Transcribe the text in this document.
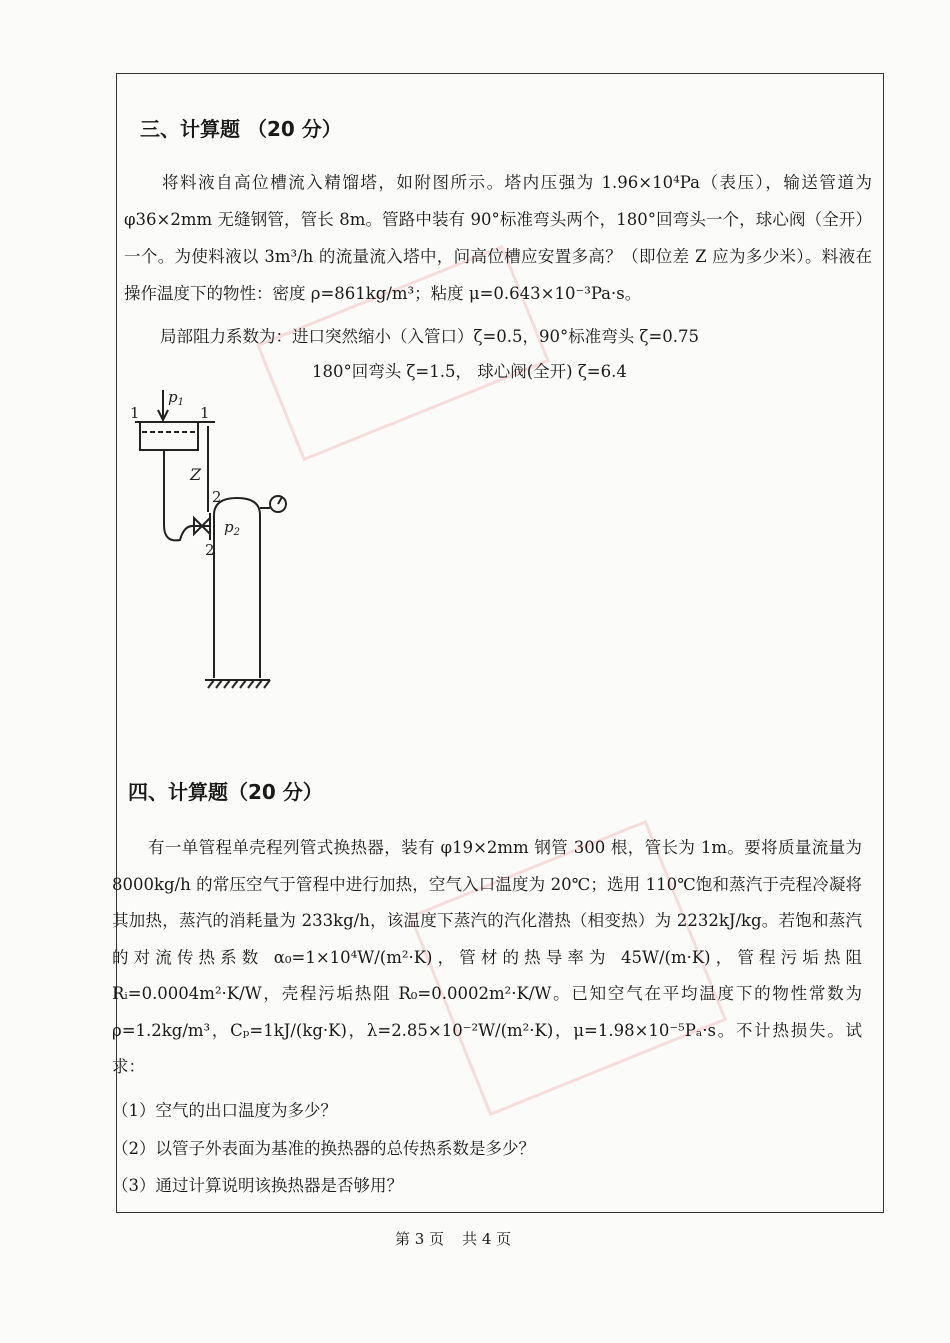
三、计算题 （20 分）

将料液自高位槽流入精馏塔，如附图所示。塔内压强为 1.96×10⁴Pa（表压），输送管道为 φ36×2mm 无缝钢管，管长 8m。管路中装有 90°标准弯头两个，180°回弯头一个，球心阀（全开）一个。为使料液以 3m³/h 的流量流入塔中，问高位槽应安置多高？（即位差 Z 应为多少米）。料液在操作温度下的物性：密度 ρ=861kg/m³；粘度 μ=0.643×10⁻³Pa·s。

局部阻力系数为：进口突然缩小（入管口）ζ=0.5，90°标准弯头 ζ=0.75
180°回弯头 ζ=1.5， 球心阀(全开) ζ=6.4
$p_1$
1	1
Z
2
2
$p_2$
四、计算题（20 分）

有一单管程单壳程列管式换热器，装有 φ19×2mm 钢管 300 根，管长为 1m。要将质量流量为 8000kg/h 的常压空气于管程中进行加热，空气入口温度为 20℃；选用 110℃饱和蒸汽于壳程冷凝将其加热，蒸汽的消耗量为 233kg/h，该温度下蒸汽的汽化潜热（相变热）为 2232kJ/kg。若饱和蒸汽的对流传热系数 α₀=1×10⁴W/(m²·K)，管材的热导率为 45W/(m·K)，管程污垢热阻 Rᵢ=0.0004m²·K/W，壳程污垢热阻 R₀=0.0002m²·K/W。已知空气在平均温度下的物性常数为 ρ=1.2kg/m³，Cₚ=1kJ/(kg·K)，λ=2.85×10⁻²W/(m²·K)，μ=1.98×10⁻⁵Pₐ·s。不计热损失。试求：

（1）空气的出口温度为多少？
（2）以管子外表面为基准的换热器的总传热系数是多少？
（3）通过计算说明该换热器是否够用？
第 3 页 共 4 页
